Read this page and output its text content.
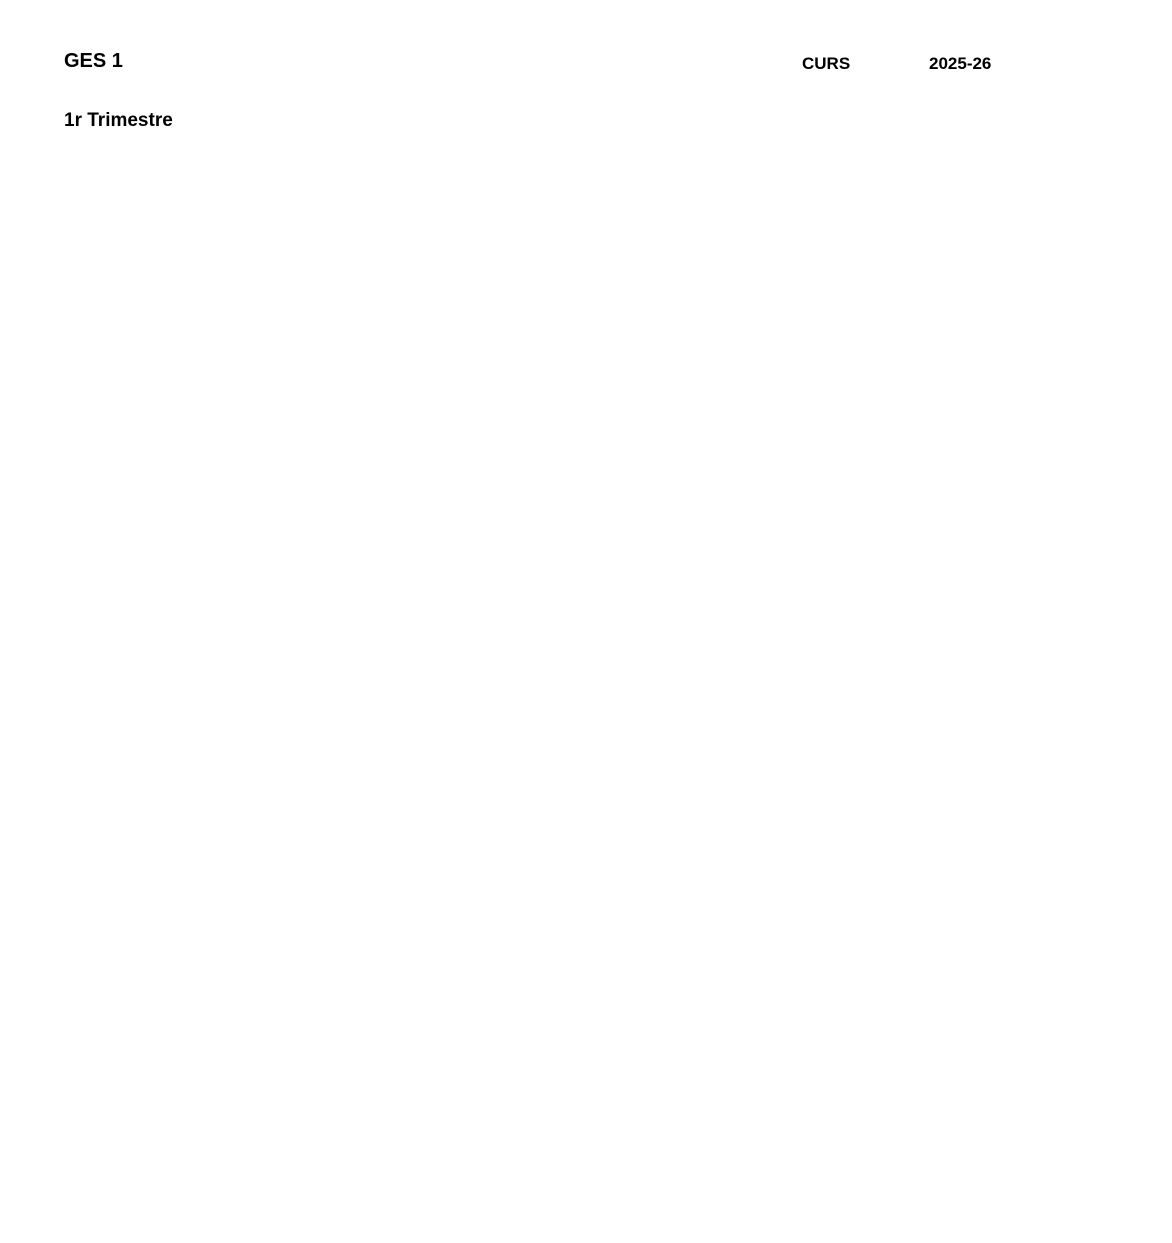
GES 1	CURS	2025-26
1r Trimestre
